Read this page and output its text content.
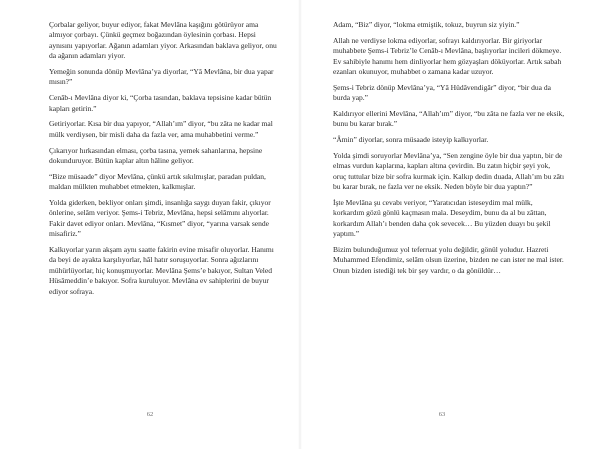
Çorbalar geliyor, buyur ediyor, fakat Mevlâna kaşığını götürüyor ama almıyor çorbayı. Çünkü geçmez boğazından öylesinin çorbası. Hepsi aynısını yapıyorlar. Ağanın adamları yiyor. Arkasından baklava geliyor, onu da ağanın adamları yiyor.

Yemeğin sonunda dönüp Mevlâna’ya diyorlar, “Yâ Mevlâna, bir dua yapar mısın?”

Cenâb-ı Mevlâna diyor ki, “Çorba tasından, baklava tepsisine kadar bütün kapları getirin.”

Getiriyorlar. Kısa bir dua yapıyor, “Allah’ım” diyor, “bu zâta ne kadar mal mülk verdiysen, bir misli daha da fazla ver, ama muhabbetini verme.”

Çıkarıyor hırkasından elması, çorba tasına, yemek sahanlarına, hepsine dokunduruyor. Bütün kaplar altın hâline geliyor.

“Bize müsaade” diyor Mevlâna, çünkü artık sıkılmışlar, paradan puldan, maldan mülkten muhabbet etmekten, kalkmışlar.

Yolda giderken, bekliyor onları şimdi, insanlığa saygı duyan fakir, çıkıyor önlerine, selâm veriyor. Şems-i Tebriz, Mevlâna, hepsi selâmını alıyorlar. Fakir davet ediyor onları. Mevlâna, “Kısmet” diyor, “yarına varsak sende misafiriz.”

Kalkıyorlar yarın akşam aynı saatte fakirin evine misafir oluyorlar. Hanımı da beyi de ayakta karşılıyorlar, hâl hatır soruşuyorlar. Sonra ağızlarını mühürlüyorlar, hiç konuşmuyorlar. Mevlâna Şems’e bakıyor, Sultan Veled Hüsâmeddin’e bakıyor. Sofra kuruluyor. Mevlâna ev sahiplerini de buyur ediyor sofraya.

62

Adam, “Biz” diyor, “lokma etmiştik, tokuz, buyrun siz yiyin.”

Allah ne verdiyse lokma ediyorlar, sofrayı kaldırıyorlar. Bir giriyorlar muhabbete Şems-i Tebriz’le Cenâb-ı Mevlâna, başlıyorlar incileri dökmeye. Ev sahibiyle hanımı hem dinliyorlar hem gözyaşları döküyorlar. Artık sabah ezanları okunuyor, muhabbet o zamana kadar uzuyor.

Şems-i Tebriz dönüp Mevlâna’ya, “Yâ Hüdâvendigâr” diyor, “bir dua da burda yap.”

Kaldırıyor ellerini Mevlâna, “Allah’ım” diyor, “bu zâta ne fazla ver ne eksik, bunu bu karar bırak.”

“Âmin” diyorlar, sonra müsaade isteyip kalkıyorlar.

Yolda şimdi soruyorlar Mevlâna’ya, “Sen zengine öyle bir dua yaptın, bir de elmas vurdun kaplarına, kapları altına çevirdin. Bu zatın hiçbir şeyi yok, oruç tuttular bize bir sofra kurmak için. Kalkıp dedin duada, Allah’ım bu zâtı bu karar bırak, ne fazla ver ne eksik. Neden böyle bir dua yaptın?”

İşte Mevlâna şu cevabı veriyor, “Yaratıcıdan isteseydim mal mülk, korkardım gözü gönlü kaçmasın mala. Deseydim, bunu da al bu zâttan, korkardım Allah’ı benden daha çok sevecek… Bu yüzden duayı bu şekil yaptım.”

Bizim bulunduğumuz yol teferruat yolu değildir, gönül yoludur. Hazreti Muhammed Efendimiz, selâm olsun üzerine, bizden ne can ister ne mal ister. Onun bizden istediği tek bir şey vardır, o da gönüldür…

63
